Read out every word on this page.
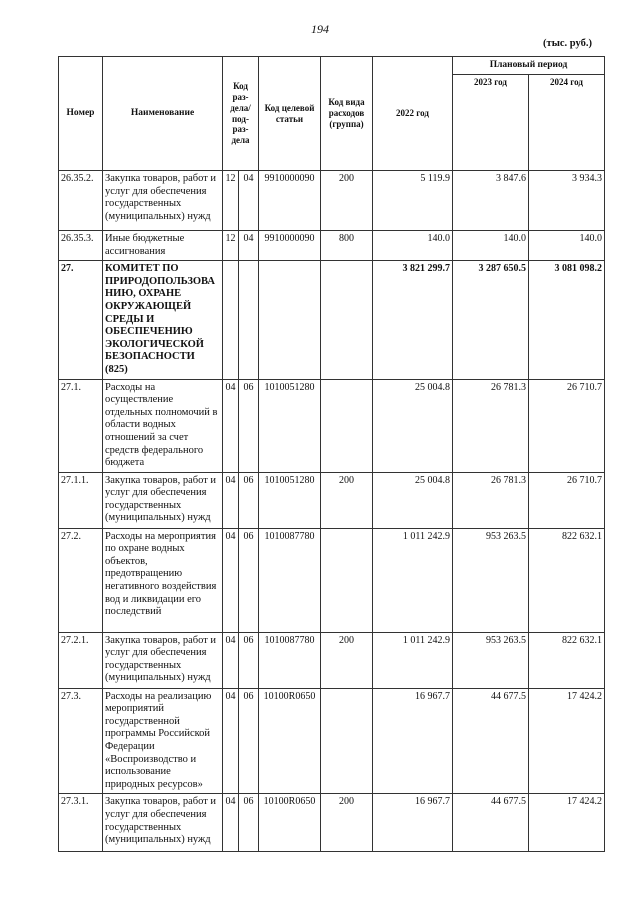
194
(тыс. руб.)
Номер	Наименование	Код раз-дела/ под-раз-дела		Код целевой статьи	Код вида расходов (группа)	2022 год	Плановый период	
							2023 год	2024 год
26.35.2.	Закупка товаров, работ и услуг для обеспечения государственных (муниципальных) нужд	12	04	9910000090	200	5 119.9	3 847.6	3 934.3
26.35.3.	Иные бюджетные ассигнования	12	04	9910000090	800	140.0	140.0	140.0
27.	КОМИТЕТ ПО ПРИРОДОПОЛЬЗОВА НИЮ, ОХРАНЕ ОКРУЖАЮЩЕЙ СРЕДЫ И ОБЕСПЕЧЕНИЮ ЭКОЛОГИЧЕСКОЙ БЕЗОПАСНОСТИ (825)					3 821 299.7	3 287 650.5	3 081 098.2
27.1.	Расходы на осуществление отдельных полномочий в области водных отношений за счет средств федерального бюджета	04	06	1010051280		25 004.8	26 781.3	26 710.7
27.1.1.	Закупка товаров, работ и услуг для обеспечения государственных (муниципальных) нужд	04	06	1010051280	200	25 004.8	26 781.3	26 710.7
27.2.	Расходы на мероприятия по охране водных объектов, предотвращению негативного воздействия вод и ликвидации его последствий	04	06	1010087780		1 011 242.9	953 263.5	822 632.1
27.2.1.	Закупка товаров, работ и услуг для обеспечения государственных (муниципальных) нужд	04	06	1010087780	200	1 011 242.9	953 263.5	822 632.1
27.3.	Расходы на реализацию мероприятий государственной программы Российской Федерации «Воспроизводство и использование природных ресурсов»	04	06	10100R0650		16 967.7	44 677.5	17 424.2
27.3.1.	Закупка товаров, работ и услуг для обеспечения государственных (муниципальных) нужд	04	06	10100R0650	200	16 967.7	44 677.5	17 424.2
